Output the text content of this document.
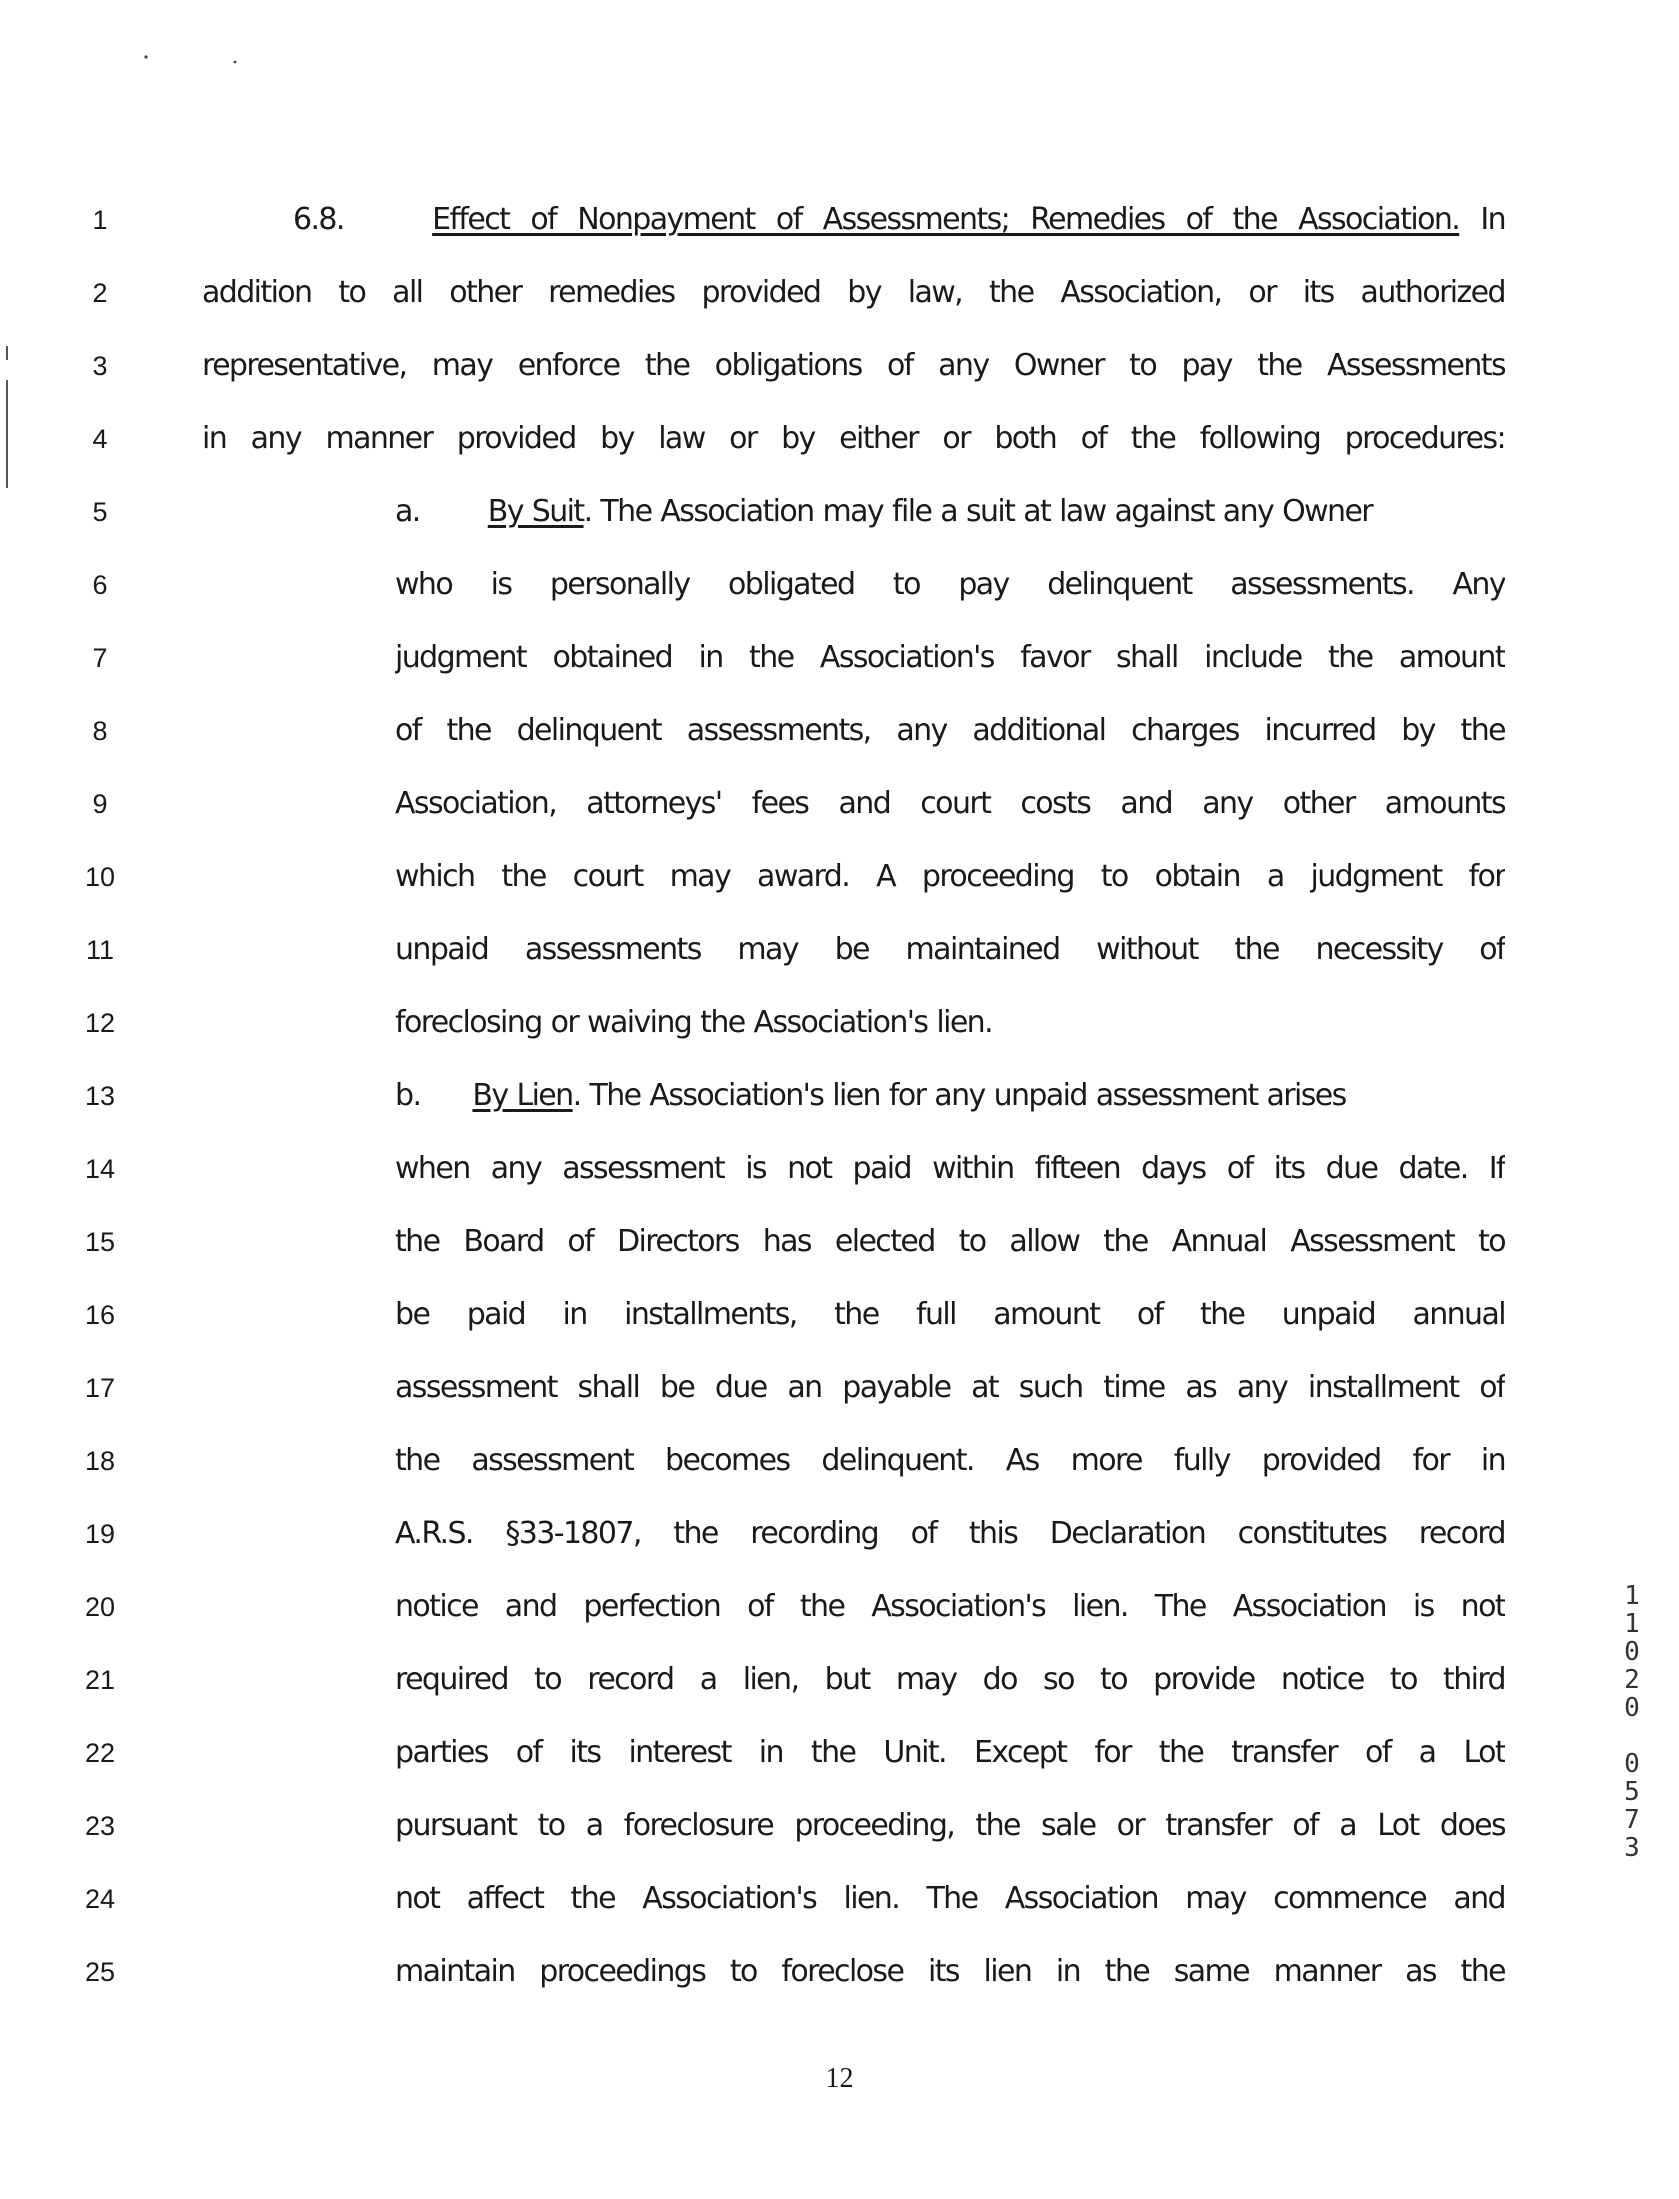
1
2
3
4
5
6
7
8
9
10
11
12
13
14
15
16
17
18
19
20
21
22
23
24
25
6.8.	Effect of Nonpayment of Assessments; Remedies of the Association. In
addition to all other remedies provided by law, the Association, or its authorized
representative, may enforce the obligations of any Owner to pay the Assessments
in any manner provided by law or by either or both of the following procedures:
a. By Suit. The Association may file a suit at law against any Owner
who is personally obligated to pay delinquent assessments. Any
judgment obtained in the Association's favor shall include the amount
of the delinquent assessments, any additional charges incurred by the
Association, attorneys' fees and court costs and any other amounts
which the court may award. A proceeding to obtain a judgment for
unpaid assessments may be maintained without the necessity of
foreclosing or waiving the Association's lien.
b. By Lien. The Association's lien for any unpaid assessment arises
when any assessment is not paid within fifteen days of its due date. If
the Board of Directors has elected to allow the Annual Assessment to
be paid in installments, the full amount of the unpaid annual
assessment shall be due an payable at such time as any installment of
the assessment becomes delinquent. As more fully provided for in
A.R.S. §33-1807, the recording of this Declaration constitutes record
notice and perfection of the Association's lien. The Association is not
required to record a lien, but may do so to provide notice to third
parties of its interest in the Unit. Except for the transfer of a Lot
pursuant to a foreclosure proceeding, the sale or transfer of a Lot does
not affect the Association's lien. The Association may commence and
maintain proceedings to foreclose its lien in the same manner as the
12
1
1
0
2
0
0
5
7
3
